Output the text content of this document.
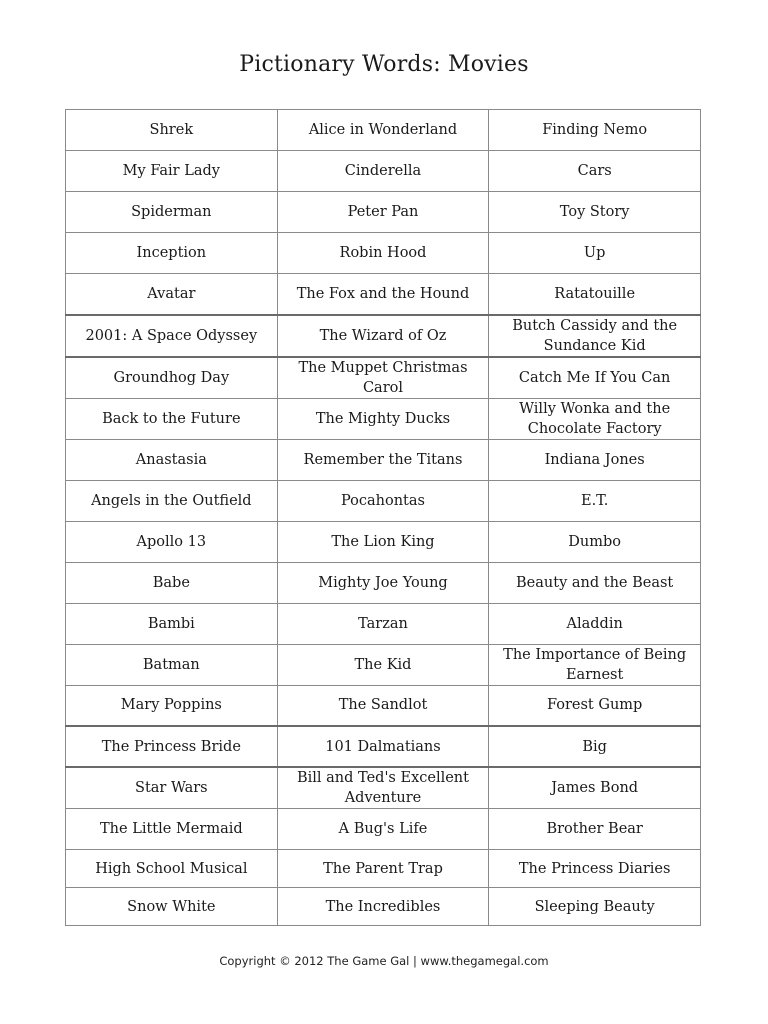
Pictionary Words: Movies
Shrek	Alice in Wonderland	Finding Nemo
My Fair Lady	Cinderella	Cars
Spiderman	Peter Pan	Toy Story
Inception	Robin Hood	Up
Avatar	The Fox and the Hound	Ratatouille
2001: A Space Odyssey	The Wizard of Oz	Butch Cassidy and the Sundance Kid
Groundhog Day	The Muppet Christmas Carol	Catch Me If You Can
Back to the Future	The Mighty Ducks	Willy Wonka and the Chocolate Factory
Anastasia	Remember the Titans	Indiana Jones
Angels in the Outfield	Pocahontas	E.T.
Apollo 13	The Lion King	Dumbo
Babe	Mighty Joe Young	Beauty and the Beast
Bambi	Tarzan	Aladdin
Batman	The Kid	The Importance of Being Earnest
Mary Poppins	The Sandlot	Forest Gump
The Princess Bride	101 Dalmatians	Big
Star Wars	Bill and Ted's Excellent Adventure	James Bond
The Little Mermaid	A Bug's Life	Brother Bear
High School Musical	The Parent Trap	The Princess Diaries
Snow White	The Incredibles	Sleeping Beauty
Copyright © 2012 The Game Gal | www.thegamegal.com
